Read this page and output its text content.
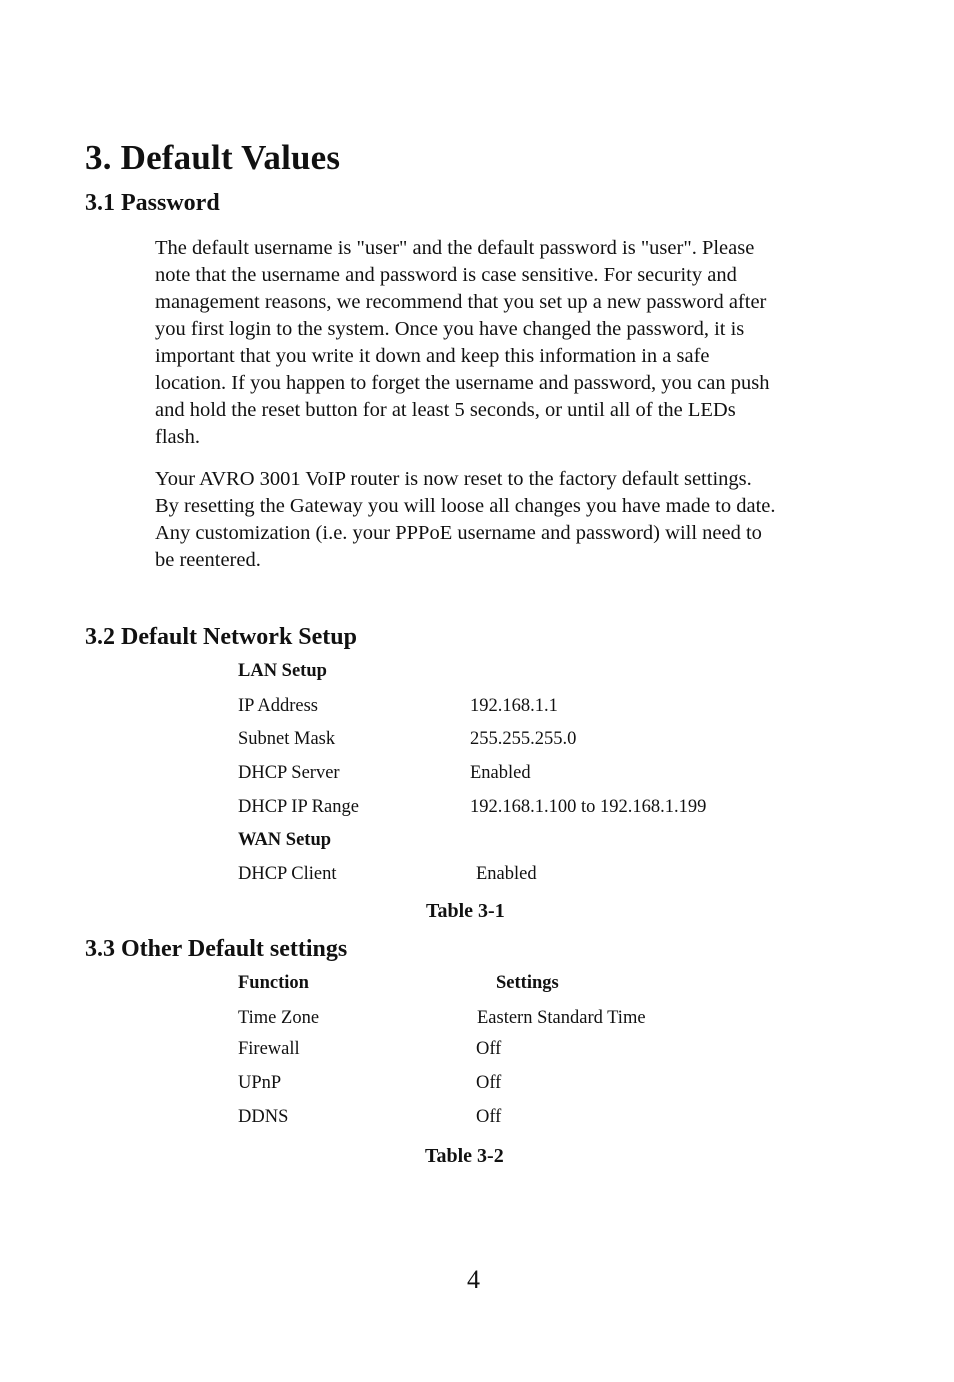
3. Default Values
3.1 Password
The default username is "user" and the default password is "user". Please
note that the username and password is case sensitive. For security and
management reasons, we recommend that you set up a new password after
you first login to the system. Once you have changed the password, it is
important that you write it down and keep this information in a safe
location. If you happen to forget the username and password, you can push
and hold the reset button for at least 5 seconds, or until all of the LEDs
flash.
Your AVRO 3001 VoIP router is now reset to the factory default settings.
By resetting the Gateway you will loose all changes you have made to date.
Any customization (i.e. your PPPoE username and password) will need to
be reentered.
3.2 Default Network Setup
LAN Setup
IP Address	192.168.1.1
Subnet Mask	255.255.255.0
DHCP Server	Enabled
DHCP IP Range	192.168.1.100 to 192.168.1.199
WAN Setup
DHCP Client	Enabled
Table 3-1
3.3 Other Default settings
Function	Settings
Time Zone	Eastern Standard Time
Firewall	Off
UPnP	Off
DDNS	Off
Table 3-2
4
